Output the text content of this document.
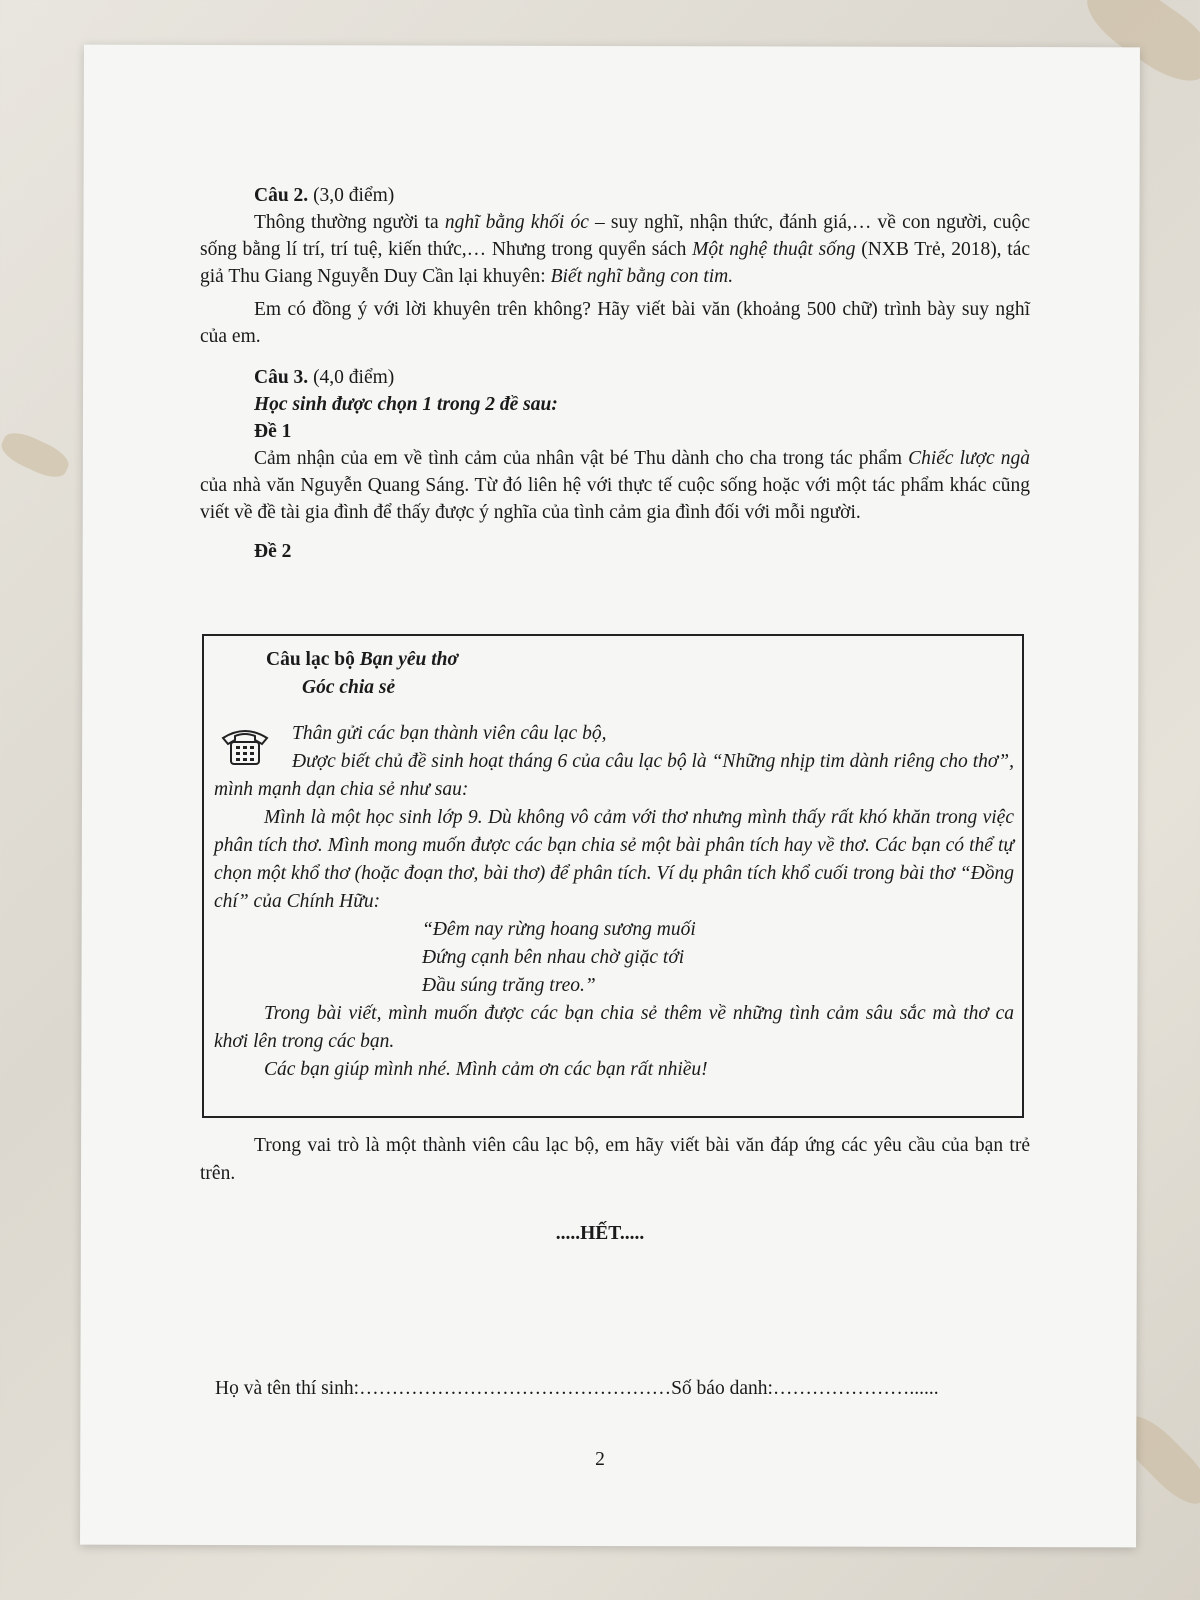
Câu 2. (3,0 điểm)

Thông thường người ta nghĩ bằng khối óc – suy nghĩ, nhận thức, đánh giá,… về con người, cuộc sống bằng lí trí, trí tuệ, kiến thức,… Nhưng trong quyển sách Một nghệ thuật sống (NXB Trẻ, 2018), tác giả Thu Giang Nguyễn Duy Cần lại khuyên: Biết nghĩ bằng con tim.

Em có đồng ý với lời khuyên trên không? Hãy viết bài văn (khoảng 500 chữ) trình bày suy nghĩ của em.

Câu 3. (4,0 điểm)

Học sinh được chọn 1 trong 2 đề sau:

Đề 1

Cảm nhận của em về tình cảm của nhân vật bé Thu dành cho cha trong tác phẩm Chiếc lược ngà của nhà văn Nguyễn Quang Sáng. Từ đó liên hệ với thực tế cuộc sống hoặc với một tác phẩm khác cũng viết về đề tài gia đình để thấy được ý nghĩa của tình cảm gia đình đối với mỗi người.

Đề 2

Câu lạc bộ Bạn yêu thơ
Góc chia sẻ
Thân gửi các bạn thành viên câu lạc bộ,
Được biết chủ đề sinh hoạt tháng 6 của câu lạc bộ là “Những nhịp tim dành riêng cho thơ”, mình mạnh dạn chia sẻ như sau:
Mình là một học sinh lớp 9. Dù không vô cảm với thơ nhưng mình thấy rất khó khăn trong việc phân tích thơ. Mình mong muốn được các bạn chia sẻ một bài phân tích hay về thơ. Các bạn có thể tự chọn một khổ thơ (hoặc đoạn thơ, bài thơ) để phân tích. Ví dụ phân tích khổ cuối trong bài thơ “Đồng chí” của Chính Hữu:
“Đêm nay rừng hoang sương muối
Đứng cạnh bên nhau chờ giặc tới
Đầu súng trăng treo.”
Trong bài viết, mình muốn được các bạn chia sẻ thêm về những tình cảm sâu sắc mà thơ ca khơi lên trong các bạn.
Các bạn giúp mình nhé. Mình cảm ơn các bạn rất nhiều!

Trong vai trò là một thành viên câu lạc bộ, em hãy viết bài văn đáp ứng các yêu cầu của bạn trẻ trên.

.....HẾT.....
Họ và tên thí sinh:…………………………………………Số báo danh:…………………......
2
